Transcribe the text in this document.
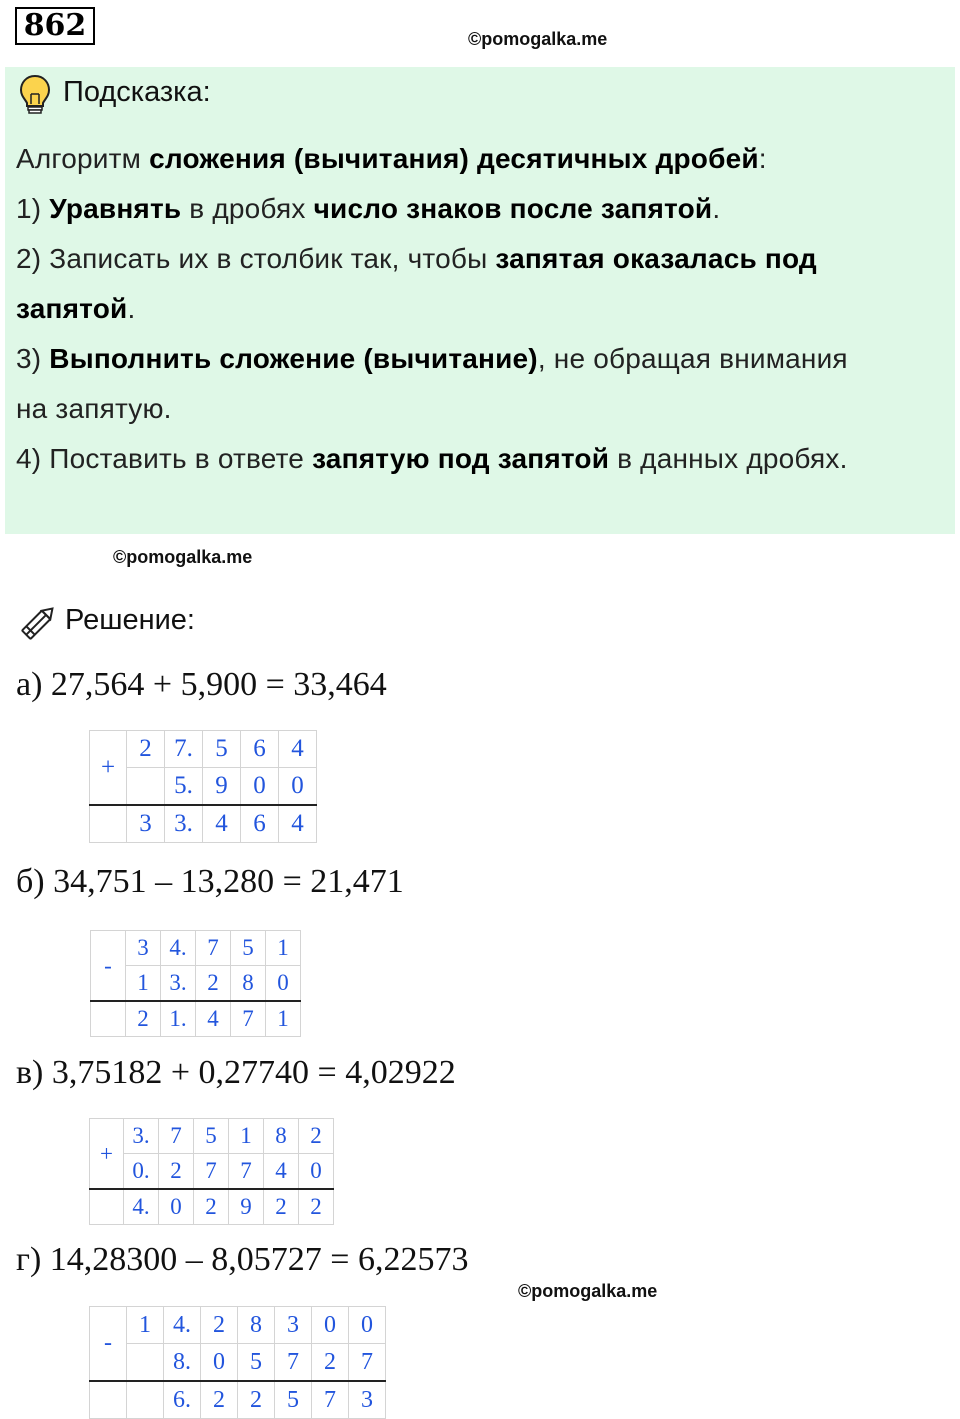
862	©pomogalka.me
Подсказка:
Алгоритм сложения (вычитания) десятичных дробей:
1) Уравнять в дробях число знаков после запятой.
2) Записать их в столбик так, чтобы запятая оказалась под
запятой.
3) Выполнить сложение (вычитание), не обращая внимания
на запятую.
4) Поставить в ответе запятую под запятой в данных дробях.
©pomogalka.me
Решение:
а) 27,564 + 5,900 = 33,464
+	2	7.	5	6	4
		5.	9	0	0
	3	3.	4	6	4
б) 34,751 – 13,280 = 21,471
-	3	4.	7	5	1
	1	3.	2	8	0
	2	1.	4	7	1
в) 3,75182 + 0,27740 = 4,02922
+	3.	7	5	1	8	2
	0.	2	7	7	4	0
	4.	0	2	9	2	2
г) 14,28300 – 8,05727 = 6,22573
-	1	4.	2	8	3	0	0
		8.	0	5	7	2	7
		6.	2	2	5	7	3
©pomogalka.me
